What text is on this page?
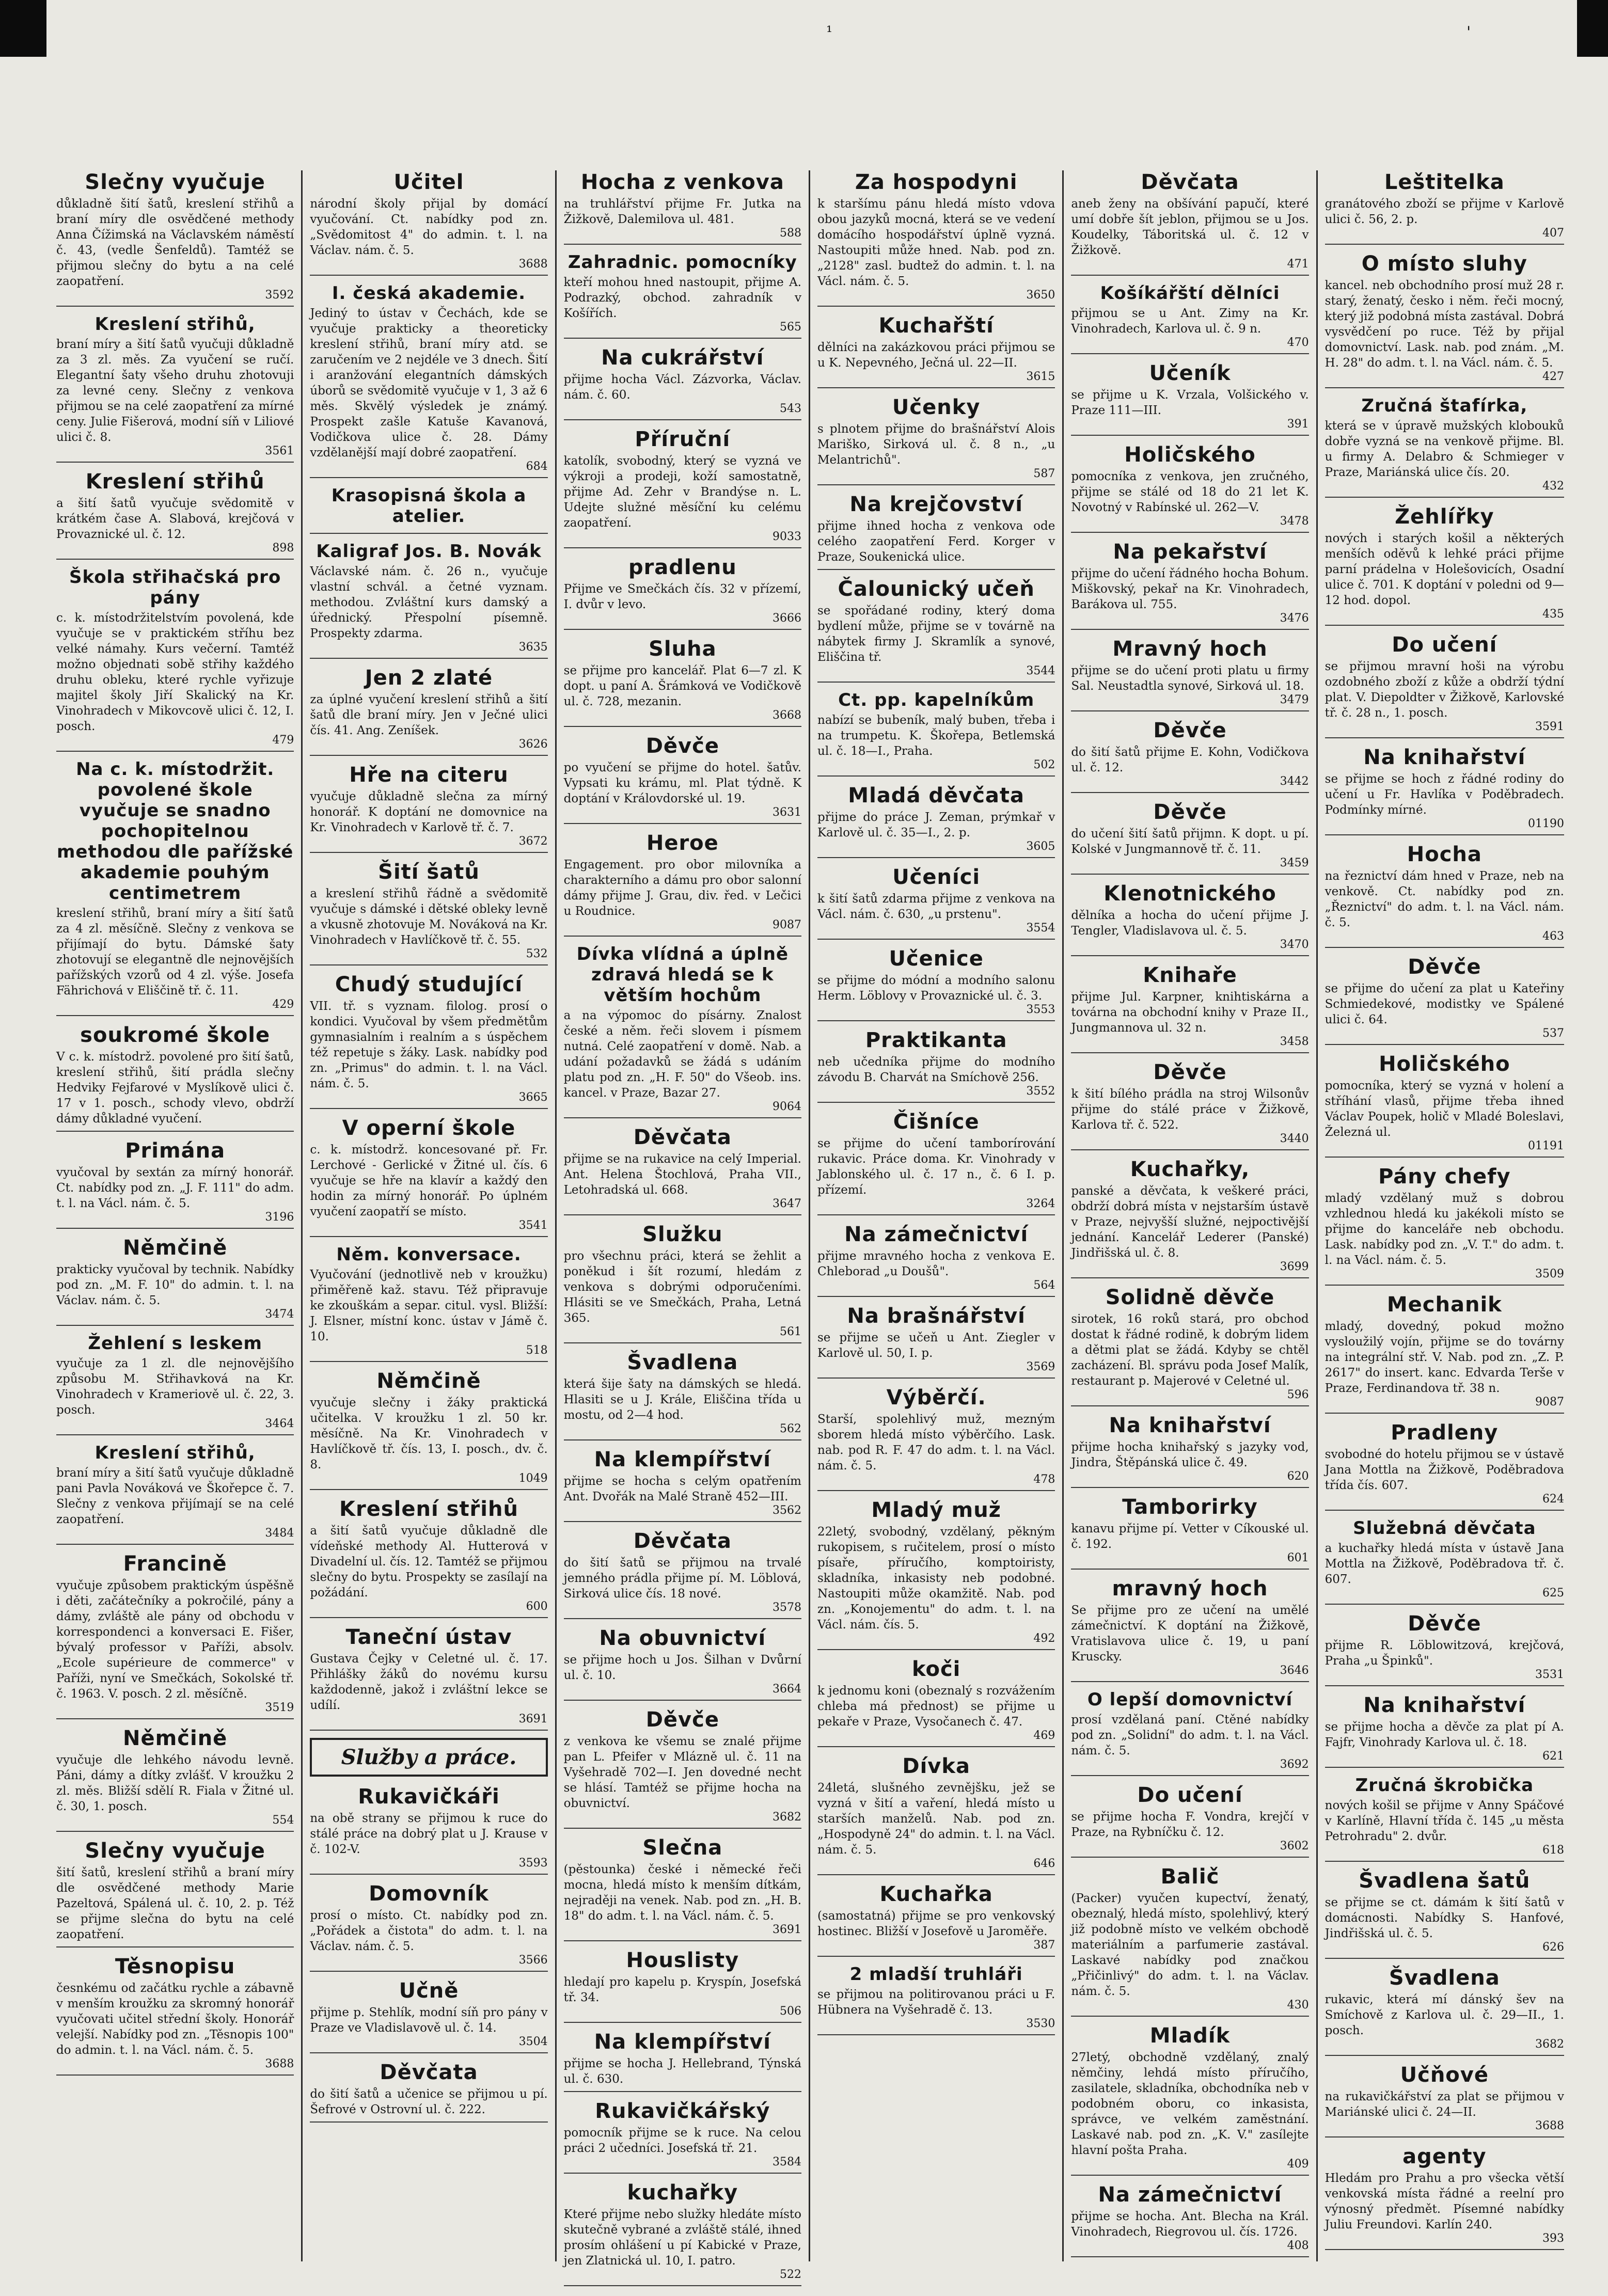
¹	'
Slečny vyučuje

důkladně šití šatů, kreslení střihů a braní míry dle osvědčené methody Anna Čížimská na Václavském náměstí č. 43, (vedle Šenfeldů). Tamtéž se přijmou slečny do bytu a na celé zaopatření.

3592
Kreslení střihů,

braní míry a šití šatů vyučuji důkladně za 3 zl. měs. Za vyučení se ručí. Elegantní šaty všeho druhu zhotovuji za levné ceny. Slečny z venkova přijmou se na celé zaopatření za mírné ceny. Julie Fišerová, modní síň v Liliové ulici č. 8.

3561
Kreslení střihů

a šití šatů vyučuje svědomitě v krátkém čase A. Slabová, krejčová v Provaznické ul. č. 12.

898
Škola střihačská pro pány

c. k. místodržitelstvím povolená, kde vyučuje se v praktickém stříhu bez velké námahy. Kurs večerní. Tamtéž možno objednati sobě střihy každého druhu obleku, které rychle vyřizuje majitel školy Jiří Skalický na Kr. Vinohradech v Mikovcově ulici č. 12, I. posch.

479
Na c. k. místodržit. povolené škole vyučuje se snadno pochopitelnou methodou dle pařížské akademie pouhým centimetrem

kreslení střihů, braní míry a šití šatů za 4 zl. měsíčně. Slečny z venkova se přijímají do bytu. Dámské šaty zhotovují se elegantně dle nejnovějších pařížských vzorů od 4 zl. výše. Josefa Fährichová v Eliščině tř. č. 11.

429
soukromé škole

V c. k. místodrž. povolené pro šití šatů, kreslení střihů, šití prádla slečny Hedviky Fejfarové v Myslíkově ulici č. 17 v 1. posch., schody vlevo, obdrží dámy důkladné vyučení.

Primána

vyučoval by sextán za mírný honorář. Ct. nabídky pod zn. „J. F. 111" do adm. t. l. na Václ. nám. č. 5.

3196
Němčině

prakticky vyučoval by technik. Nabídky pod zn. „M. F. 10" do admin. t. l. na Václav. nám. č. 5.

3474
Žehlení s leskem

vyučuje za 1 zl. dle nejnovějšího způsobu M. Střihavková na Kr. Vinohradech v Krameriově ul. č. 22, 3. posch.

3464
Kreslení střihů,

braní míry a šití šatů vyučuje důkladně pani Pavla Nováková ve Škořepce č. 7. Slečny z venkova přijímají se na celé zaopatření.

3484
Francině

vyučuje způsobem praktickým úspěšně i děti, začátečníky a pokročilé, pány a dámy, zvláště ale pány od obchodu v korrespondenci a konversaci E. Fišer, bývalý professor v Paříži, absolv. „Ecole supérieure de commerce" v Paříži, nyní ve Smečkách, Sokolské tř. č. 1963. V. posch. 2 zl. měsíčně.

3519
Němčině

vyučuje dle lehkého návodu levně. Páni, dámy a dítky zvlášť. V kroužku 2 zl. měs. Bližší sdělí R. Fiala v Žitné ul. č. 30, 1. posch.

554
Slečny vyučuje

šití šatů, kreslení střihů a braní míry dle osvědčené methody Marie Pazeltová, Spálená ul. č. 10, 2. p. Též se přijme slečna do bytu na celé zaopatření.

Těsnopisu

česnkému od začátku rychle a zábavně v menším kroužku za skromný honorář vyučovati učitel střední školy. Honorář velejší. Nabídky pod zn. „Těsnopis 100" do admin. t. l. na Václ. nám. č. 5.

3688
Učitel

národní školy přijal by domácí vyučování. Ct. nabídky pod zn. „Svědomitost 4" do admin. t. l. na Václav. nám. č. 5.

3688
I. česká akademie.

Jediný to ústav v Čechách, kde se vyučuje prakticky a theoreticky kreslení střihů, braní míry atd. se zaručením ve 2 nejdéle ve 3 dnech. Šití i aranžování elegantních dámských úborů se svědomitě vyučuje v 1, 3 až 6 měs. Skvělý výsledek je známý. Prospekt zašle Katuše Kavanová, Vodičkova ulice č. 28. Dámy vzdělanější mají dobré zaopatření.

684
Krasopisná škola a atelier.
Kaligraf Jos. B. Novák

Václavské nám. č. 26 n., vyučuje vlastní schvál. a četné vyznam. methodou. Zvláštní kurs damský a úřednický. Přespolní písemně. Prospekty zdarma.

3635
Jen 2 zlaté

za úplné vyučení kreslení střihů a šití šatů dle braní míry. Jen v Ječné ulici čís. 41. Ang. Zeníšek.

3626
Hře na citeru

vyučuje důkladně slečna za mírný honorář. K doptání ne domovnice na Kr. Vinohradech v Karlově tř. č. 7.

3672
Šití šatů

a kreslení střihů řádně a svědomitě vyučuje s dámské i dětské obleky levně a vkusně zhotovuje M. Nováková na Kr. Vinohradech v Havlíčkově tř. č. 55.

532
Chudý studující

VII. tř. s vyznam. filolog. prosí o kondici. Vyučoval by všem předmětům gymnasialním i realním a s úspěchem též repetuje s žáky. Lask. nabídky pod zn. „Primus" do admin. t. l. na Václ. nám. č. 5.

3665
V operní škole

c. k. místodrž. koncesované př. Fr. Lerchové - Gerlické v Žitné ul. čís. 6 vyučuje se hře na klavír a každý den hodin za mírný honorář. Po úplném vyučení zaopatří se místo.

3541
Něm. konversace.

Vyučování (jednotlivě neb v kroužku) přiměřeně kaž. stavu. Též připravuje ke zkouškám a separ. citul. vysl. Bližší: J. Elsner, místní konc. ústav v Jámě č. 10.

518
Němčině

vyučuje slečny i žáky praktická učitelka. V kroužku 1 zl. 50 kr. měsíčně. Na Kr. Vinohradech v Havlíčkově tř. čís. 13, I. posch., dv. č. 8.

1049
Kreslení střihů

a šití šatů vyučuje důkladně dle vídeňské methody Al. Hutterová v Divadelní ul. čís. 12. Tamtéž se přijmou slečny do bytu. Prospekty se zasílají na požádání.

600
Taneční ústav

Gustava Čejky v Celetné ul. č. 17. Přihlášky žáků do novému kursu každodenně, jakož i zvláštní lekce se udílí.

3691
Služby a práce.
Rukavičkáři

na obě strany se přijmou k ruce do stálé práce na dobrý plat u J. Krause v č. 102-V.

3593
Domovník

prosí o místo. Ct. nabídky pod zn. „Pořádek a čistota" do adm. t. l. na Václav. nám. č. 5.

3566
Učně

přijme p. Stehlík, modní síň pro pány v Praze ve Vladislavově ul. č. 14.

3504
Děvčata

do šití šatů a učenice se přijmou u pí. Šefrové v Ostrovní ul. č. 222.

Hocha z venkova

na truhlářství přijme Fr. Jutka na Žižkově, Dalemilova ul. 481.

588
Zahradnic. pomocníky

kteří mohou hned nastoupit, přijme A. Podrazký, obchod. zahradník v Košířích.

565
Na cukrářství

přijme hocha Václ. Zázvorka, Václav. nám. č. 60.

543
Příruční

katolík, svobodný, který se vyzná ve výkroji a prodeji, koží samostatně, přijme Ad. Zehr v Brandýse n. L. Udejte služné měsíční ku celému zaopatření.

9033
pradlenu

Přijme ve Smečkách čís. 32 v přízemí, I. dvůr v levo.

3666
Sluha

se přijme pro kancelář. Plat 6—7 zl. K dopt. u paní A. Šrámková ve Vodičkově ul. č. 728, mezanin.

3668
Děvče

po vyučení se přijme do hotel. šatův. Vypsati ku krámu, ml. Plat týdně. K doptání v Královdorské ul. 19.

3631
Heroe

Engagement. pro obor milovníka a charakterního a dámu pro obor salonní dámy přijme J. Grau, div. řed. v Lečici u Roudnice.

9087
Dívka vlídná a úplně zdravá hledá se k větším hochům

a na výpomoc do písárny. Znalost české a něm. řeči slovem i písmem nutná. Celé zaopatření v domě. Nab. a udání požadavků se žádá s udáním platu pod zn. „H. F. 50" do Všeob. ins. kancel. v Praze, Bazar 27.

9064
Děvčata

přijme se na rukavice na celý Imperial. Ant. Helena Štochlová, Praha VII., Letohradská ul. 668.

3647
Služku

pro všechnu práci, která se žehlit a poněkud i šít rozumí, hledám z venkova s dobrými odporučeními. Hlásiti se ve Smečkách, Praha, Letná 365.

561
Švadlena

která šije šaty na dámských se hledá. Hlasiti se u J. Krále, Eliščina třída u mostu, od 2—4 hod.

562
Na klempířství

přijme se hocha s celým opatřením Ant. Dvořák na Malé Straně 452—III.

3562
Děvčata

do šití šatů se přijmou na trvalé jemného prádla přijme pí. M. Löblová, Sirková ulice čís. 18 nové.

3578
Na obuvnictví

se přijme hoch u Jos. Šilhan v Dvůrní ul. č. 10.

3664
Děvče

z venkova ke všemu se znalé přijme pan L. Pfeifer v Mlázně ul. č. 11 na Vyšehradě 702—I. Jen dovedné necht se hlásí. Tamtéž se přijme hocha na obuvnictví.

3682
Slečna

(pěstounka) české i německé řeči mocna, hledá místo k menším dítkám, nejraději na venek. Nab. pod zn. „H. B. 18" do adm. t. l. na Václ. nám. č. 5.

3691
Houslisty

hledají pro kapelu p. Kryspín, Josefská tř. 34.

506
Na klempířství

přijme se hocha J. Hellebrand, Týnská ul. č. 630.

Rukavičkářský

pomocník přijme se k ruce. Na celou práci 2 učedníci. Josefská tř. 21.

3584
kuchařky

Které přijme nebo služky hledáte místo skutečně vybrané a zvláště stálé, ihned prosím ohlášení u pí Kabické v Praze, jen Zlatnická ul. 10, I. patro.

522
Za hospodyni

k staršímu pánu hledá místo vdova obou jazyků mocná, která se ve vedení domácího hospodářství úplně vyzná. Nastoupiti může hned. Nab. pod zn. „2128" zasl. budtež do admin. t. l. na Václ. nám. č. 5.

3650
Kuchařští

dělníci na zakázkovou práci přijmou se u K. Nepevného, Ječná ul. 22—II.

3615
Učenky

s plnotem přijme do brašnářství Alois Mariško, Sirková ul. č. 8 n., „u Melantrichů".

587
Na krejčovství

přijme ihned hocha z venkova ode celého zaopatření Ferd. Korger v Praze, Soukenická ulice.

Čalounický učeň

se spořádané rodiny, který doma bydlení může, přijme se v továrně na nábytek firmy J. Skramlík a synové, Eliščina tř.

3544
Ct. pp. kapelníkům

nabízí se bubeník, malý buben, třeba i na trumpetu. K. Škořepa, Betlemská ul. č. 18—I., Praha.

502
Mladá děvčata

přijme do práce J. Zeman, prýmkař v Karlově ul. č. 35—I., 2. p.

3605
Učeníci

k šití šatů zdarma přijme z venkova na Václ. nám. č. 630, „u prstenu".

3554
Učenice

se přijme do módní a modního salonu Herm. Löblovy v Provaznické ul. č. 3.

3553
Praktikanta

neb učedníka přijme do modního závodu B. Charvát na Smíchově 256.

3552
Čišníce

se přijme do učení tamborírování rukavic. Práce doma. Kr. Vinohrady v Jablonského ul. č. 17 n., č. 6 I. p. přízemí.

3264
Na zámečnictví

přijme mravného hocha z venkova E. Chleborad „u Doušů".

564
Na brašnářství

se přijme se učeň u Ant. Ziegler v Karlově ul. 50, I. p.

3569
Výběrčí.

Starší, spolehlivý muž, mezným sborem hledá místo výběrčího. Lask. nab. pod R. F. 47 do adm. t. l. na Václ. nám. č. 5.

478
Mladý muž

22letý, svobodný, vzdělaný, pěkným rukopisem, s ručitelem, prosí o místo písaře, příručího, komptoiristy, skladníka, inkasisty neb podobné. Nastoupiti může okamžitě. Nab. pod zn. „Konojementu" do adm. t. l. na Václ. nám. čís. 5.

492
koči

k jednomu koni (obeznalý s rozvážením chleba má přednost) se přijme u pekaře v Praze, Vysočanech č. 47.

469
Dívka

24letá, slušného zevnějšku, jež se vyzná v šití a vaření, hledá místo u starších manželů. Nab. pod zn. „Hospodyně 24" do admin. t. l. na Václ. nám. č. 5.

646
Kuchařka

(samostatná) přijme se pro venkovský hostinec. Bližší v Josefově u Jaroměře.

387
2 mladší truhláři

se přijmou na politirovanou práci u F. Hübnera na Vyšehradě č. 13.

3530
Děvčata

aneb ženy na obšívání papučí, které umí dobře šít jeblon, přijmou se u Jos. Koudelky, Táboritská ul. č. 12 v Žižkově.

471
Košíkářští dělníci

přijmou se u Ant. Zimy na Kr. Vinohradech, Karlova ul. č. 9 n.

470
Učeník

se přijme u K. Vrzala, Volšického v. Praze 111—III.

391
Holičského

pomocníka z venkova, jen zručného, přijme se stálé od 18 do 21 let K. Novotný v Rabínské ul. 262—V.

3478
Na pekařství

přijme do učení řádného hocha Bohum. Miškovský, pekař na Kr. Vinohradech, Barákova ul. 755.

3476
Mravný hoch

přijme se do učení proti platu u firmy Sal. Neustadtla synové, Sirková ul. 18.

3479
Děvče

do šití šatů přijme E. Kohn, Vodičkova ul. č. 12.

3442
Děvče

do učení šití šatů přijmn. K dopt. u pí. Kolské v Jungmannově tř. č. 11.

3459
Klenotnického

dělníka a hocha do učení přijme J. Tengler, Vladislavova ul. č. 5.

3470
Knihaře

přijme Jul. Karpner, knihtiskárna a továrna na obchodní knihy v Praze II., Jungmannova ul. 32 n.

3458
Děvče

k šití bílého prádla na stroj Wilsonův přijme do stálé práce v Žižkově, Karlova tř. č. 522.

3440
Kuchařky,

panské a děvčata, k veškeré práci, obdrží dobrá místa v nejstarším ústavě v Praze, nejvyšší služné, nejpoctivější jednání. Kancelář Lederer (Panské) Jindřišská ul. č. 8.

3699
Solidně děvče

sirotek, 16 roků stará, pro obchod dostat k řádné rodině, k dobrým lidem a dětmi plat se žádá. Kdyby se chtěl zacházení. Bl. správu poda Josef Malík, restaurant p. Majerové v Celetné ul.

596
Na knihařství

přijme hocha knihařský s jazyky vod, Jindra, Štěpánská ulice č. 49.

620
Tamborirky

kanavu přijme pí. Vetter v Cíkouské ul. č. 192.

601
mravný hoch

Se přijme pro ze učení na umělé zámečnictví. K doptání na Žižkově, Vratislavova ulice č. 19, u paní Kruscky.

3646
O lepší domovnictví

prosí vzdělaná paní. Ctěné nabídky pod zn. „Solidní" do adm. t. l. na Václ. nám. č. 5.

3692
Do učení

se přijme hocha F. Vondra, krejčí v Praze, na Rybníčku č. 12.

3602
Balič

(Packer) vyučen kupectví, ženatý, obeznalý, hledá místo, spolehlivý, který již podobně místo ve velkém obchodě materiálním a parfumerie zastával. Laskavé nabídky pod značkou „Přičinlivý" do adm. t. l. na Václav. nám. č. 5.

430
Mladík

27letý, obchodně vzdělaný, znalý němčiny, lehdá místo příručího, zasilatele, skladníka, obchodníka neb v podobném oboru, co inkasista, správce, ve velkém zaměstnání. Laskavé nab. pod zn. „K. V." zasílejte hlavní pošta Praha.

409
Na zámečnictví

přijme se hocha. Ant. Blecha na Král. Vinohradech, Riegrovou ul. čís. 1726.

408
Leštitelka

granátového zboží se přijme v Karlově ulici č. 56, 2. p.

407
O místo sluhy

kancel. neb obchodního prosí muž 28 r. starý, ženatý, česko i něm. řeči mocný, který již podobná místa zastával. Dobrá vysvědčení po ruce. Též by přijal domovnictví. Lask. nab. pod znám. „M. H. 28" do adm. t. l. na Václ. nám. č. 5.

427
Zručná štafírka,

která se v úpravě mužských klobouků dobře vyzná se na venkově přijme. Bl. u firmy A. Delabro & Schmieger v Praze, Mariánská ulice čís. 20.

432
Žehlířky

nových i starých košil a některých menších oděvů k lehké práci přijme parní prádelna v Holešovicích, Osadní ulice č. 701. K doptání v poledni od 9—12 hod. dopol.

435
Do učení

se přijmou mravní hoši na výrobu ozdobného zboží z kůže a obdrží týdní plat. V. Diepoldter v Žižkově, Karlovské tř. č. 28 n., 1. posch.

3591
Na knihařství

se přijme se hoch z řádné rodiny do učení u Fr. Havlíka v Poděbradech. Podmínky mírné.

01190
Hocha

na řeznictví dám hned v Praze, neb na venkově. Ct. nabídky pod zn. „Řeznictví" do adm. t. l. na Václ. nám. č. 5.

463
Děvče

se přijme do učení za plat u Kateřiny Schmiedekové, modistky ve Spálené ulici č. 64.

537
Holičského

pomocníka, který se vyzná v holení a stříhání vlasů, přijme třeba ihned Václav Poupek, holič v Mladé Boleslavi, Železná ul.

01191
Pány chefy

mladý vzdělaný muž s dobrou vzhlednou hledá ku jakékoli místo se přijme do kanceláře neb obchodu. Lask. nabídky pod zn. „V. T." do adm. t. l. na Václ. nám. č. 5.

3509
Mechanik

mladý, dovedný, pokud možno vysloužilý vojín, přijme se do továrny na integrální stř. V. Nab. pod zn. „Z. P. 2617" do insert. kanc. Edvarda Terše v Praze, Ferdinandova tř. 38 n.

9087
Pradleny

svobodné do hotelu přijmou se v ústavě Jana Mottla na Žižkově, Poděbradova třída čís. 607.

624
Služebná děvčata

a kuchařky hledá místa v ústavě Jana Mottla na Žižkově, Poděbradova tř. č. 607.

625
Děvče

přijme R. Löblowitzová, krejčová, Praha „u Špinků".

3531
Na knihařství

se přijme hocha a děvče za plat pí A. Fajfr, Vinohrady Karlova ul. č. 18.

621
Zručná škrobička

nových košil se přijme v Anny Spáčové v Karlíně, Hlavní třída č. 145 „u města Petrohradu" 2. dvůr.

618
Švadlena šatů

se přijme se ct. dámám k šití šatů v domácnosti. Nabídky S. Hanfové, Jindřišská ul. č. 5.

626
Švadlena

rukavic, která mí dánský šev na Smíchově z Karlova ul. č. 29—II., 1. posch.

3682
Učňové

na rukavičkářství za plat se přijmou v Mariánské ulici č. 24—II.

3688
agenty

Hledám pro Prahu a pro všecka větší venkovská místa řádné a reelní pro výnosný předmět. Písemné nabídky Juliu Freundovi. Karlín 240.

393
